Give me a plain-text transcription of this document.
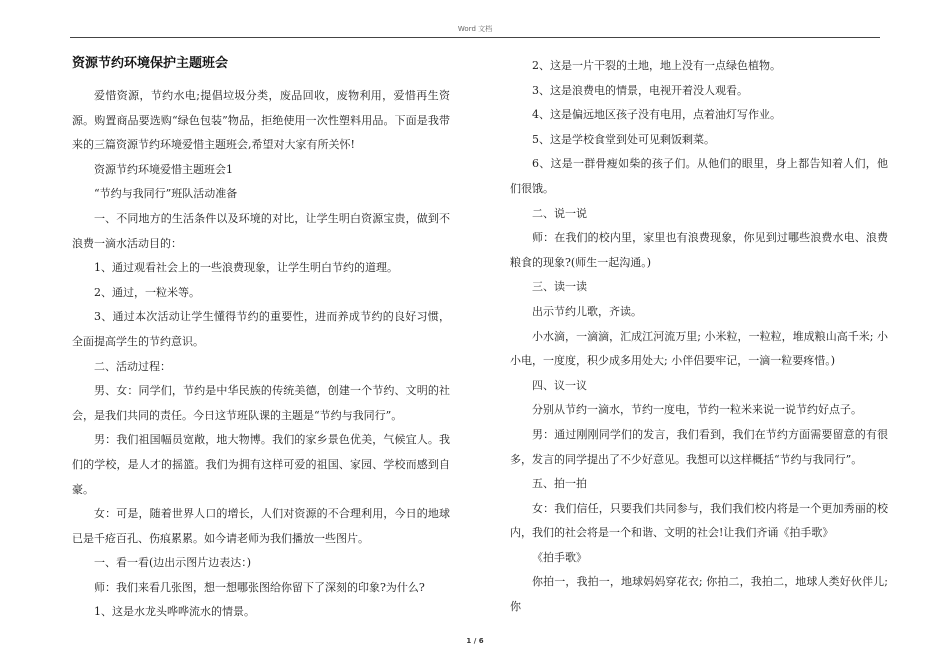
Word 文档
资源节约环境保护主题班会

爱惜资源，节约水电;提倡垃圾分类，废品回收，废物利用，爱惜再生资源。购置商品要选购“绿色包装”物品，拒绝使用一次性塑料用品。下面是我带来的三篇资源节约环境爱惜主题班会,希望对大家有所关怀!

资源节约环境爱惜主题班会1

“节约与我同行”班队活动准备

一、不同地方的生活条件以及环境的对比，让学生明白资源宝贵，做到不浪费一滴水活动目的：

1、通过观看社会上的一些浪费现象，让学生明白节约的道理。

2、通过，一粒米等。

3、通过本次活动让学生懂得节约的重要性，进而养成节约的良好习惯，全面提高学生的节约意识。

二、活动过程：

男、女：同学们，节约是中华民族的传统美德，创建一个节约、文明的社会，是我们共同的责任。今日这节班队课的主题是“节约与我同行”。

男：我们祖国幅员宽敞，地大物博。我们的家乡景色优美，气候宜人。我们的学校，是人才的摇篮。我们为拥有这样可爱的祖国、家园、学校而感到自豪。

女：可是，随着世界人口的增长，人们对资源的不合理利用，今日的地球已是千疮百孔、伤痕累累。如今请老师为我们播放一些图片。

一、看一看(边出示图片边表达：)

师：我们来看几张图，想一想哪张图给你留下了深刻的印象?为什么?

1、这是水龙头哗哗流水的情景。

2、这是一片干裂的土地，地上没有一点绿色植物。

3、这是浪费电的情景，电视开着没人观看。

4、这是偏远地区孩子没有电用，点着油灯写作业。

5、这是学校食堂到处可见剩饭剩菜。

6、这是一群骨瘦如柴的孩子们。从他们的眼里，身上都告知着人们，他们很饿。

二、说一说

师：在我们的校内里，家里也有浪费现象，你见到过哪些浪费水电、浪费粮食的现象?(师生一起沟通。)

三、读一读

出示节约儿歌，齐读。

小水滴，一滴滴，汇成江河流万里; 小米粒，一粒粒，堆成粮山高千米; 小小电，一度度，积少成多用处大; 小伴侣要牢记，一滴一粒要疼惜。)

四、议一议

分别从节约一滴水，节约一度电，节约一粒米来说一说节约好点子。

男：通过刚刚同学们的发言，我们看到，我们在节约方面需要留意的有很多，发言的同学提出了不少好意见。我想可以这样概括“节约与我同行”。

五、拍一拍

女：我们信任，只要我们共同参与，我们我们校内将是一个更加秀丽的校内，我们的社会将是一个和谐、文明的社会!让我们齐诵《拍手歌》

《拍手歌》

你拍一，我拍一，地球妈妈穿花衣; 你拍二，我拍二，地球人类好伙伴儿; 你

1 / 6
